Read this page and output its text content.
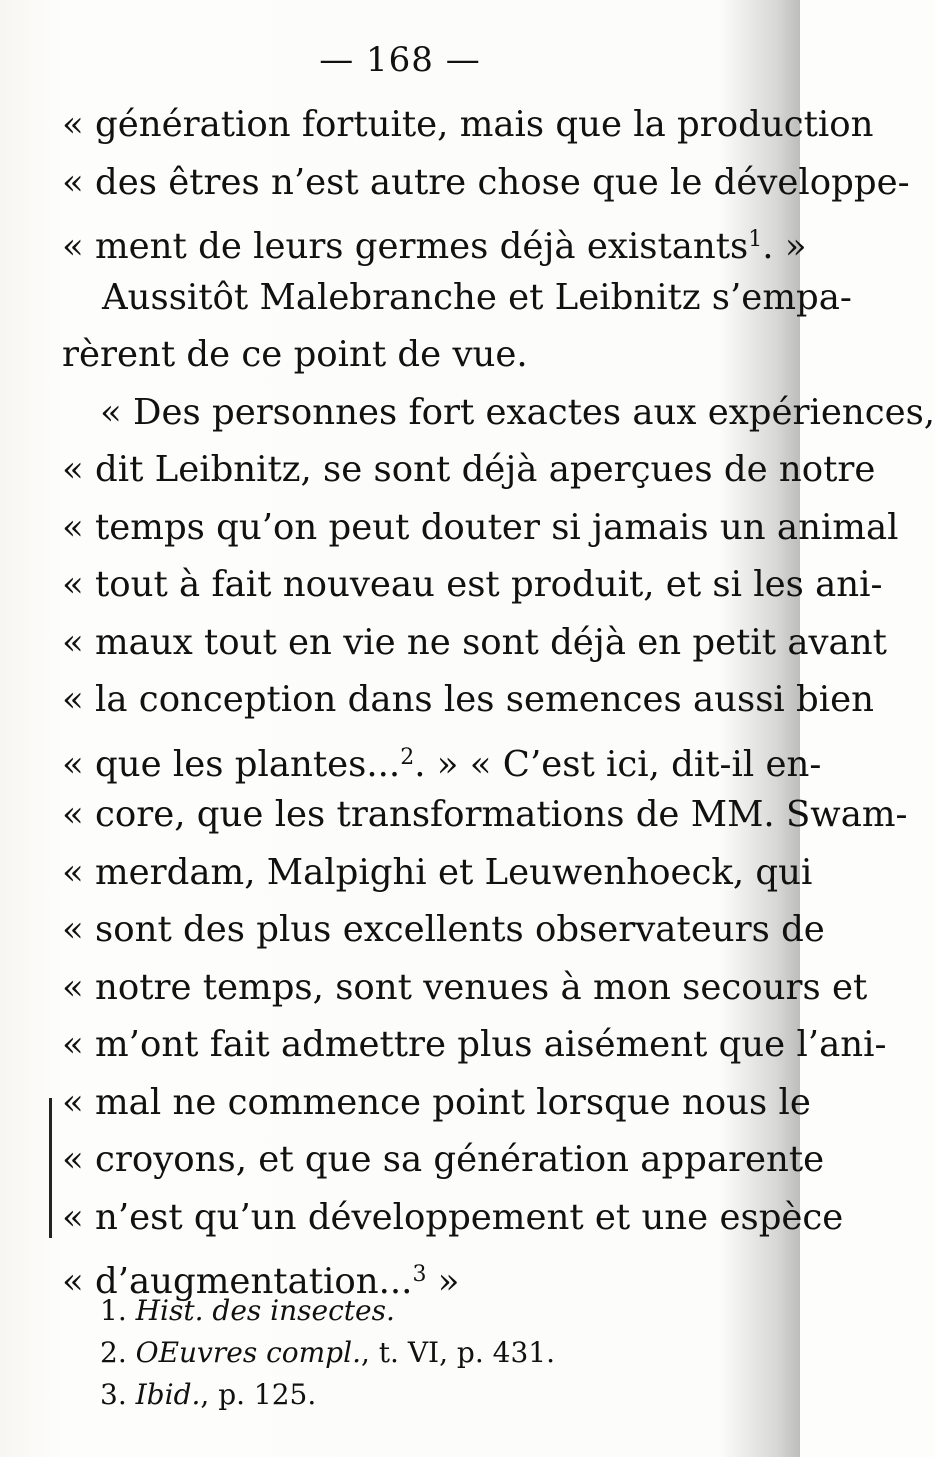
— 168 —
« génération fortuite, mais que la production
« des êtres n’est autre chose que le développe-
« ment de leurs germes déjà existants$^1$. »
Aussitôt Malebranche et Leibnitz s’empa-
rèrent de ce point de vue.
« Des personnes fort exactes aux expériences,
« dit Leibnitz, se sont déjà aperçues de notre
« temps qu’on peut douter si jamais un animal
« tout à fait nouveau est produit, et si les ani-
« maux tout en vie ne sont déjà en petit avant
« la conception dans les semences aussi bien
« que les plantes...$^2$. » « C’est ici, dit-il en-
« core, que les transformations de MM. Swam-
« merdam, Malpighi et Leuwenhoeck, qui
« sont des plus excellents observateurs de
« notre temps, sont venues à mon secours et
« m’ont fait admettre plus aisément que l’ani-
« mal ne commence point lorsque nous le
« croyons, et que sa génération apparente
« n’est qu’un développement et une espèce
« d’augmentation...$^3$ »
1. Hist. des insectes.
2. OEuvres compl., t. VI, p. 431.
3. Ibid., p. 125.
